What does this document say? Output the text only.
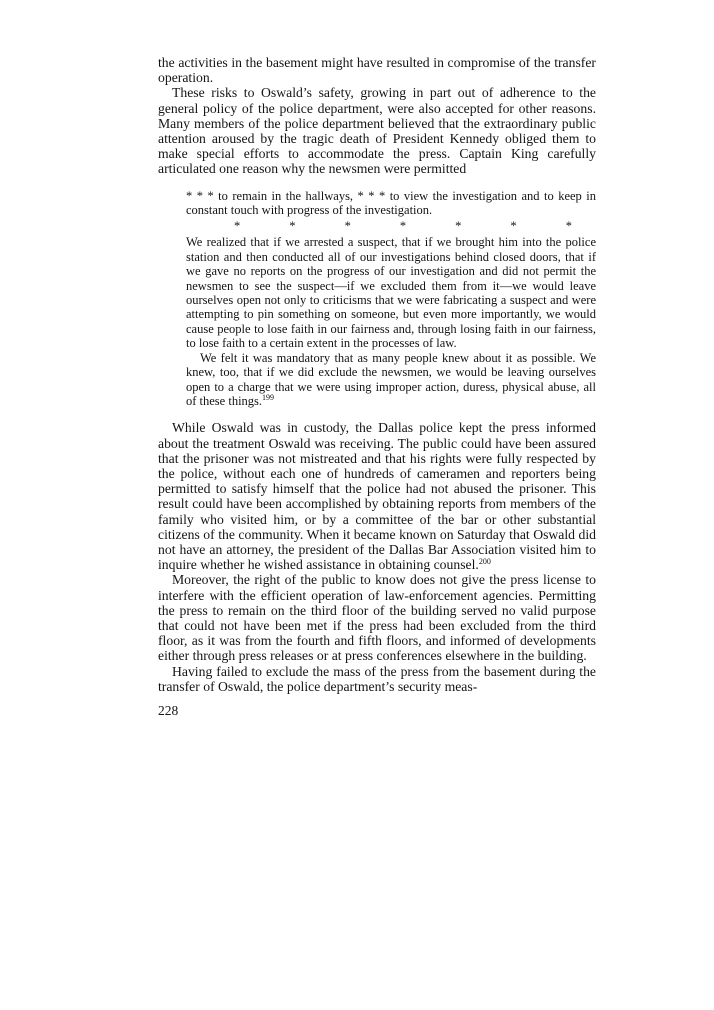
the activities in the basement might have resulted in compromise of the transfer operation.

These risks to Oswald’s safety, growing in part out of adherence to the general policy of the police department, were also accepted for other reasons. Many members of the police department believed that the extraordinary public attention aroused by the tragic death of President Kennedy obliged them to make special efforts to accommodate the press. Captain King carefully articulated one reason why the newsmen were permitted

* * * to remain in the hallways, * * * to view the investigation and to keep in constant touch with progress of the investigation.

*	*	*	*	*	*	*

We realized that if we arrested a suspect, that if we brought him into the police station and then conducted all of our investigations behind closed doors, that if we gave no reports on the progress of our investigation and did not permit the newsmen to see the suspect—if we excluded them from it—we would leave ourselves open not only to criticisms that we were fabricating a suspect and were attempting to pin something on someone, but even more importantly, we would cause people to lose faith in our fairness and, through losing faith in our fairness, to lose faith to a certain extent in the processes of law.

We felt it was mandatory that as many people knew about it as possible. We knew, too, that if we did exclude the newsmen, we would be leaving ourselves open to a charge that we were using improper action, duress, physical abuse, all of these things.$^{199}$

While Oswald was in custody, the Dallas police kept the press informed about the treatment Oswald was receiving. The public could have been assured that the prisoner was not mistreated and that his rights were fully respected by the police, without each one of hundreds of cameramen and reporters being permitted to satisfy himself that the police had not abused the prisoner. This result could have been accomplished by obtaining reports from members of the family who visited him, or by a committee of the bar or other substantial citizens of the community. When it became known on Saturday that Oswald did not have an attorney, the president of the Dallas Bar Association visited him to inquire whether he wished assistance in obtaining counsel.$^{200}$

Moreover, the right of the public to know does not give the press license to interfere with the efficient operation of law-enforcement agencies. Permitting the press to remain on the third floor of the building served no valid purpose that could not have been met if the press had been excluded from the third floor, as it was from the fourth and fifth floors, and informed of developments either through press releases or at press conferences elsewhere in the building.

Having failed to exclude the mass of the press from the basement during the transfer of Oswald, the police department’s security meas-

228
